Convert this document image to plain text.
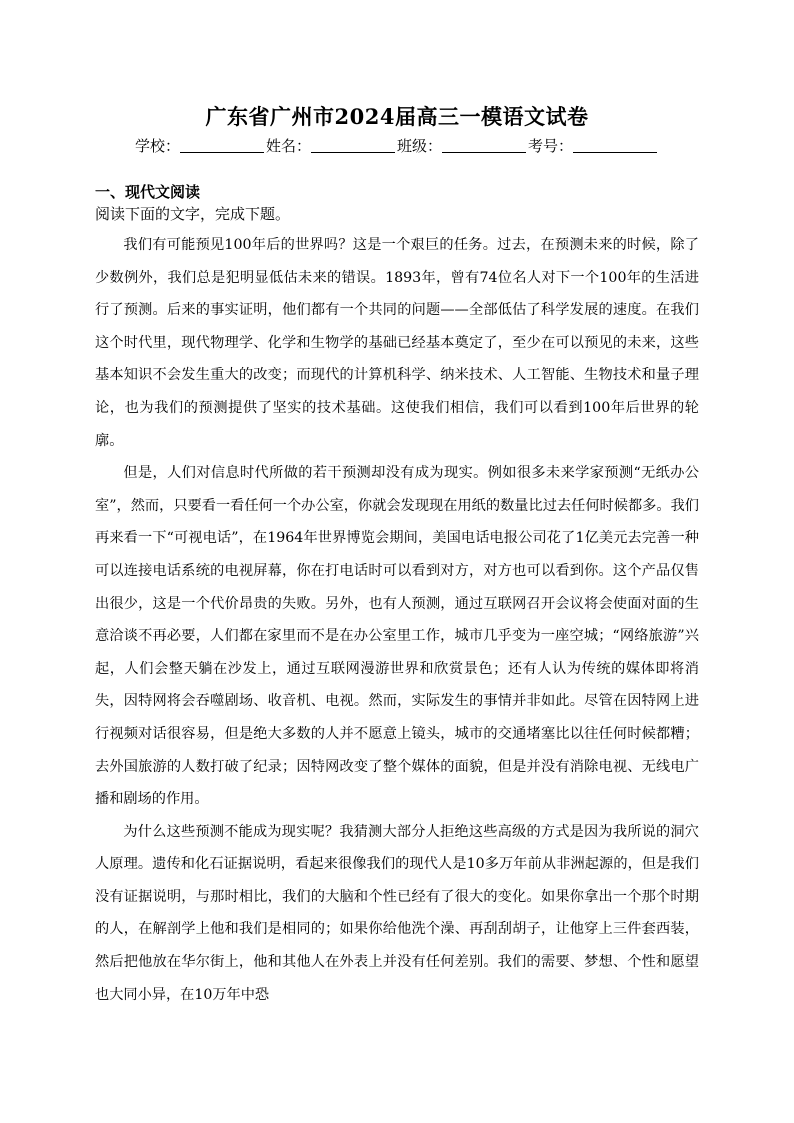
广东省广州市2024届高三一模语文试卷
学校：	姓名：	班级：	考号：
一、现代文阅读
阅读下面的文字，完成下题。

我们有可能预见100年后的世界吗？这是一个艰巨的任务。过去，在预测未来的时候，除了少数例外，我们总是犯明显低估未来的错误。1893年，曾有74位名人对下一个100年的生活进行了预测。后来的事实证明，他们都有一个共同的问题——全部低估了科学发展的速度。在我们这个时代里，现代物理学、化学和生物学的基础已经基本奠定了，至少在可以预见的未来，这些基本知识不会发生重大的改变；而现代的计算机科学、纳米技术、人工智能、生物技术和量子理论，也为我们的预测提供了坚实的技术基础。这使我们相信，我们可以看到100年后世界的轮廓。

但是，人们对信息时代所做的若干预测却没有成为现实。例如很多未来学家预测“无纸办公室”，然而，只要看一看任何一个办公室，你就会发现现在用纸的数量比过去任何时候都多。我们再来看一下“可视电话”，在1964年世界博览会期间，美国电话电报公司花了1亿美元去完善一种可以连接电话系统的电视屏幕，你在打电话时可以看到对方，对方也可以看到你。这个产品仅售出很少，这是一个代价昂贵的失败。另外，也有人预测，通过互联网召开会议将会使面对面的生意洽谈不再必要，人们都在家里而不是在办公室里工作，城市几乎变为一座空城；“网络旅游”兴起，人们会整天躺在沙发上，通过互联网漫游世界和欣赏景色；还有人认为传统的媒体即将消失，因特网将会吞噬剧场、收音机、电视。然而，实际发生的事情并非如此。尽管在因特网上进行视频对话很容易，但是绝大多数的人并不愿意上镜头，城市的交通堵塞比以往任何时候都糟；去外国旅游的人数打破了纪录；因特网改变了整个媒体的面貌，但是并没有消除电视、无线电广播和剧场的作用。

为什么这些预测不能成为现实呢？我猜测大部分人拒绝这些高级的方式是因为我所说的洞穴人原理。遗传和化石证据说明，看起来很像我们的现代人是10多万年前从非洲起源的，但是我们没有证据说明，与那时相比，我们的大脑和个性已经有了很大的变化。如果你拿出一个那个时期的人，在解剖学上他和我们是相同的；如果你给他洗个澡、再刮刮胡子，让他穿上三件套西装，然后把他放在华尔街上，他和其他人在外表上并没有任何差别。我们的需要、梦想、个性和愿望也大同小异，在10万年中恐
